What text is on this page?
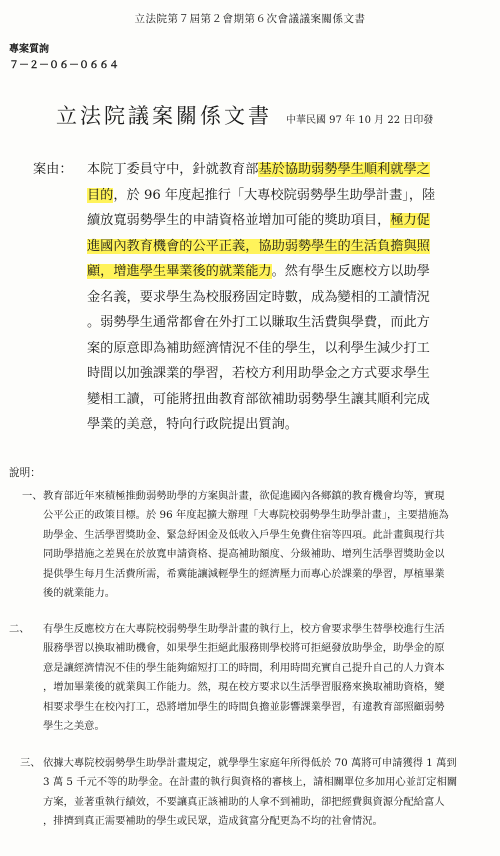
立法院第７屆第２會期第６次會議議案關係文書
專案質詢
７－２－０６－０６６４
立法院議案關係文書 中華民國 97 年 10 月 22 日印發
案由： 本院丁委員守中，針就教育部基於協助弱勢學生順利就學之
目的，於 96 年度起推行「大專校院弱勢學生助學計畫」，陸
續放寬弱勢學生的申請資格並增加可能的獎助項目，極力促
進國內教育機會的公平正義，協助弱勢學生的生活負擔與照
顧，增進學生畢業後的就業能力。然有學生反應校方以助學
金名義，要求學生為校服務固定時數，成為變相的工讀情況
。弱勢學生通常都會在外打工以賺取生活費與學費，而此方
案的原意即為補助經濟情況不佳的學生，以利學生減少打工
時間以加強課業的學習，若校方利用助學金之方式要求學生
變相工讀，可能將扭曲教育部欲補助弱勢學生讓其順利完成
學業的美意，特向行政院提出質詢。
說明：
一、 教育部近年來積極推動弱勢助學的方案與計畫，欲促進國內各鄉鎮的教育機會均等，實現
公平公正的政策目標。於 96 年度起擴大辦理「大專院校弱勢學生助學計畫」，主要措施為
助學金、生活學習獎助金、緊急紓困金及低收入戶學生免費住宿等四項。此計畫與現行共
同助學措施之差異在於放寬申請資格、提高補助額度、分級補助、增列生活學習獎助金以
提供學生每月生活費所需，希冀能讓減輕學生的經濟壓力而專心於課業的學習，厚植畢業
後的就業能力。
二、 有學生反應校方在大專院校弱勢學生助學計畫的執行上，校方會要求學生替學校進行生活
服務學習以換取補助機會，如果學生拒絕此服務則學校將可拒絕發放助學金，助學金的原
意是讓經濟情況不佳的學生能夠縮短打工的時間，利用時間充實自己提升自己的人力資本
，增加畢業後的就業與工作能力。然，現在校方要求以生活學習服務來換取補助資格，變
相要求學生在校內打工，恐將增加學生的時間負擔並影響課業學習，有違教育部照顧弱勢
學生之美意。
三、 依據大專院校弱勢學生助學計畫規定，就學學生家庭年所得低於 70 萬將可申請獲得 1 萬到
3 萬 5 千元不等的助學金。在計畫的執行與資格的審核上，請相關單位多加用心並訂定相關
方案，並著重執行績效，不要讓真正該補助的人拿不到補助，卻把經費與資源分配給富人
，排擠到真正需要補助的學生或民眾，造成貧富分配更為不均的社會情況。
